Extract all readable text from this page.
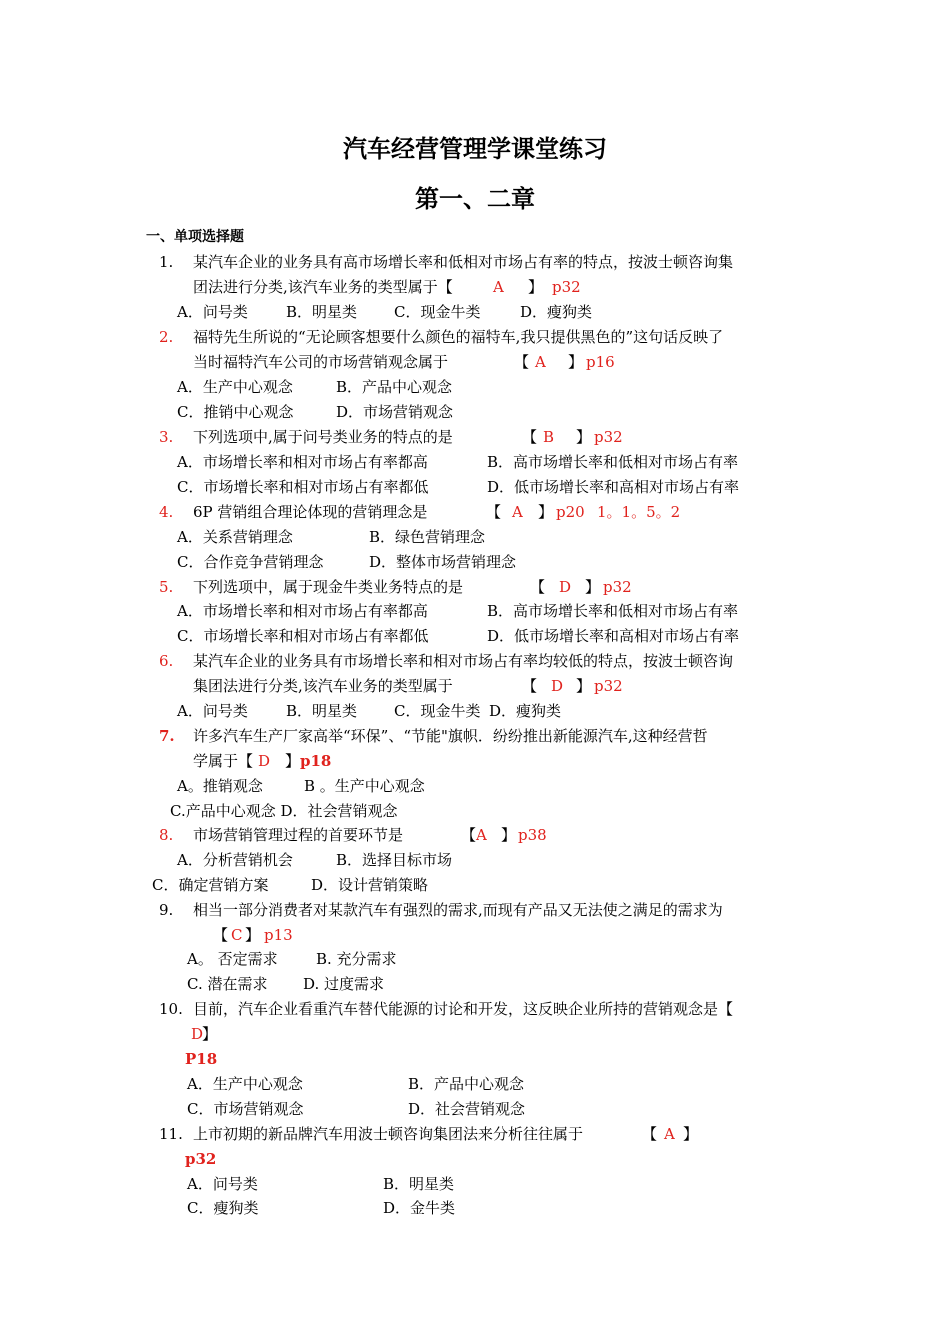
汽车经营管理学课堂练习
第一、二章
一、单项选择题
1. 某汽车企业的业务具有高市场增长率和低相对市场占有率的特点，按波士顿咨询集
团法进行分类,该汽车业务的类型属于【	A 】 p32
A．问号类	B．明星类 C．现金牛类	D．瘦狗类
2. 福特先生所说的“无论顾客想要什么颜色的福特车,我只提供黑色的”这句话反映了
当时福特汽车公司的市场营销观念属于	【 A 】 p16
A．生产中心观念	B．产品中心观念
C．推销中心观念	D．市场营销观念
3. 下列选项中,属于问号类业务的特点的是	【 B 】 p32
A．市场增长率和相对市场占有率都高	B．高市场增长率和低相对市场占有率
C．市场增长率和相对市场占有率都低	D．低市场增长率和高相对市场占有率
4. 6P 营销组合理论体现的营销理念是	【 A 】 p20 1。1。5。2
A．关系营销理念	B．绿色营销理念
C．合作竞争营销理念	D．整体市场营销理念
5. 下列选项中，属于现金牛类业务特点的是	【 D 】 p32
A．市场增长率和相对市场占有率都高	B．高市场增长率和低相对市场占有率
C．市场增长率和相对市场占有率都低	D．低市场增长率和高相对市场占有率
6. 某汽车企业的业务具有市场增长率和相对市场占有率均较低的特点，按波士顿咨询
集团法进行分类,该汽车业务的类型属于	【 D 】 p32
A．问号类	B．明星类 C．现金牛类 D．瘦狗类
7. 许多汽车生产厂家高举“环保”、“节能"旗帜．纷纷推出新能源汽车,这种经营哲
学属于【 D 】 p18
A。推销观念	B 。生产中心观念
C.产品中心观念 D．社会营销观念
8. 市场营销管理过程的首要环节是	【 A 】 p38
A．分析营销机会	B．选择目标市场
C．确定营销方案	D．设计营销策略
9. 相当一部分消费者对某款汽车有强烈的需求,而现有产品又无法使之满足的需求为
【 C 】 p13
A。 否定需求	B. 充分需求
C. 潜在需求 D. 过度需求
10. 目前，汽车企业看重汽车替代能源的讨论和开发，这反映企业所持的营销观念是【
D
】
P18
A．生产中心观念	B．产品中心观念
C．市场营销观念	D．社会营销观念
11. 上市初期的新品牌汽车用波士顿咨询集团法来分析往往属于	【 A 】
p32
A．问号类	B．明星类
C．瘦狗类	D．金牛类
